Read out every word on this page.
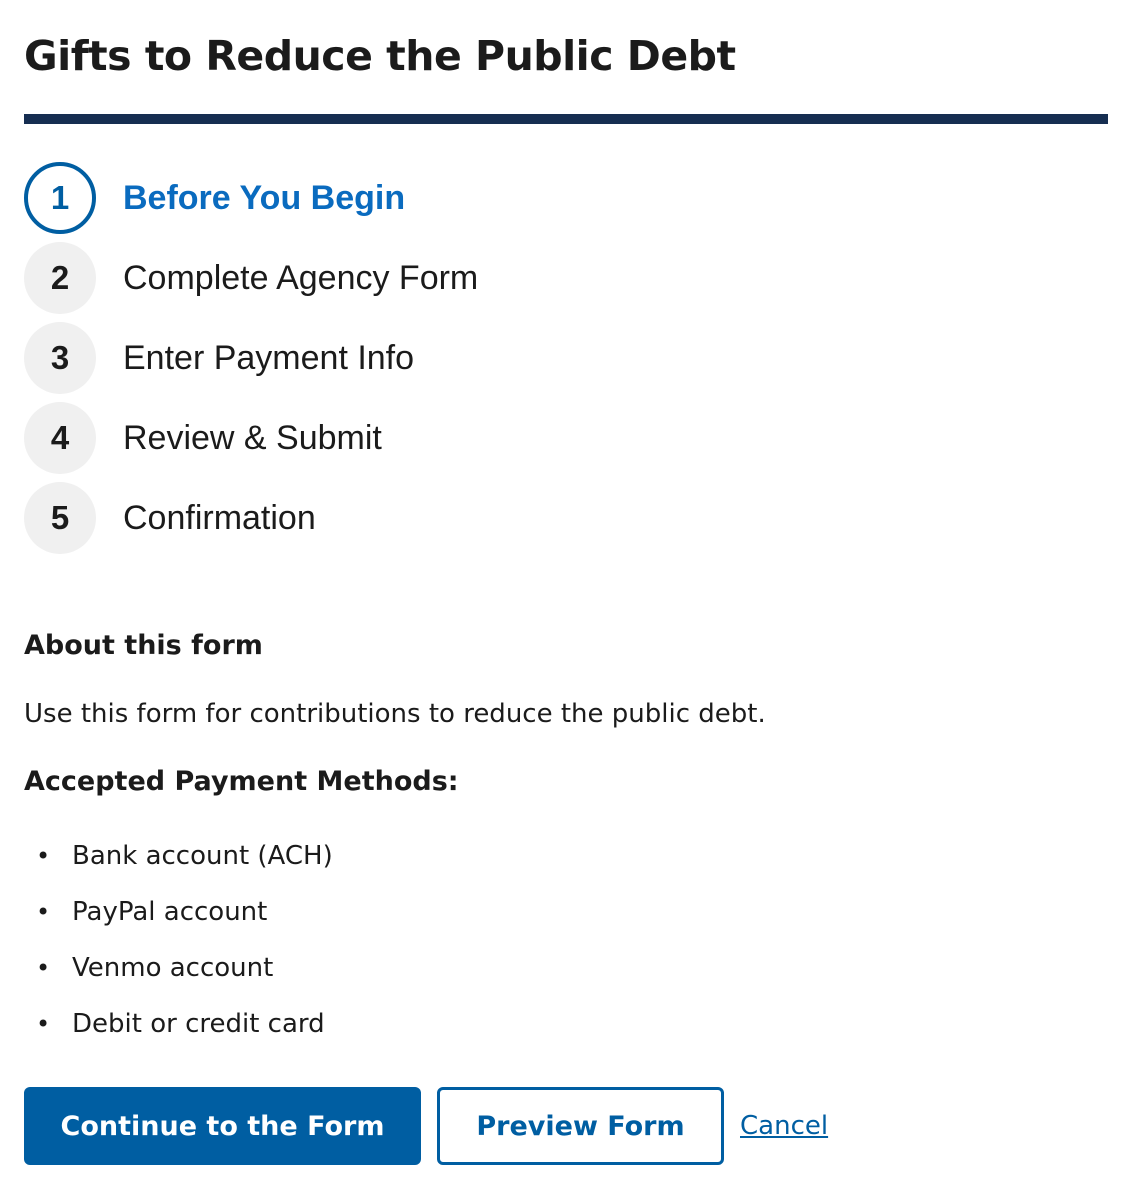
Gifts to Reduce the Public Debt
1	Before You Begin
2	Complete Agency Form
3	Enter Payment Info
4	Review & Submit
5	Confirmation
About this form

Use this form for contributions to reduce the public debt.

Accepted Payment Methods:
• Bank account (ACH)
• PayPal account
• Venmo account
• Debit or credit card
Continue to the Form	Preview Form	Cancel
